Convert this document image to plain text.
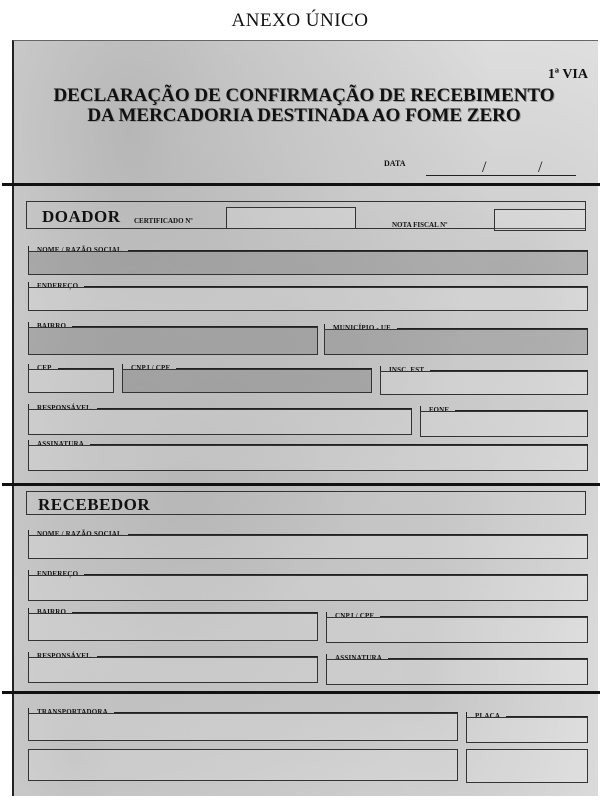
ANEXO ÚNICO
1ª VIA
DECLARAÇÃO DE CONFIRMAÇÃO DE RECEBIMENTO
DA MERCADORIA DESTINADA AO FOME ZERO
DATA	/	/
DOADOR CERTIFICADO Nº	NOTA FISCAL Nº
NOME / RAZÃO SOCIAL
ENDEREÇO
BAIRRO	MUNICÍPIO - UF
CEP	CNPJ / CPF	INSC. EST
RESPONSÁVEL	FONE
ASSINATURA
RECEBEDOR
NOME / RAZÃO SOCIAL
ENDEREÇO
BAIRRO	CNPJ / CPF
RESPONSÁVEL	ASSINATURA
TRANSPORTADORA	PLACA
